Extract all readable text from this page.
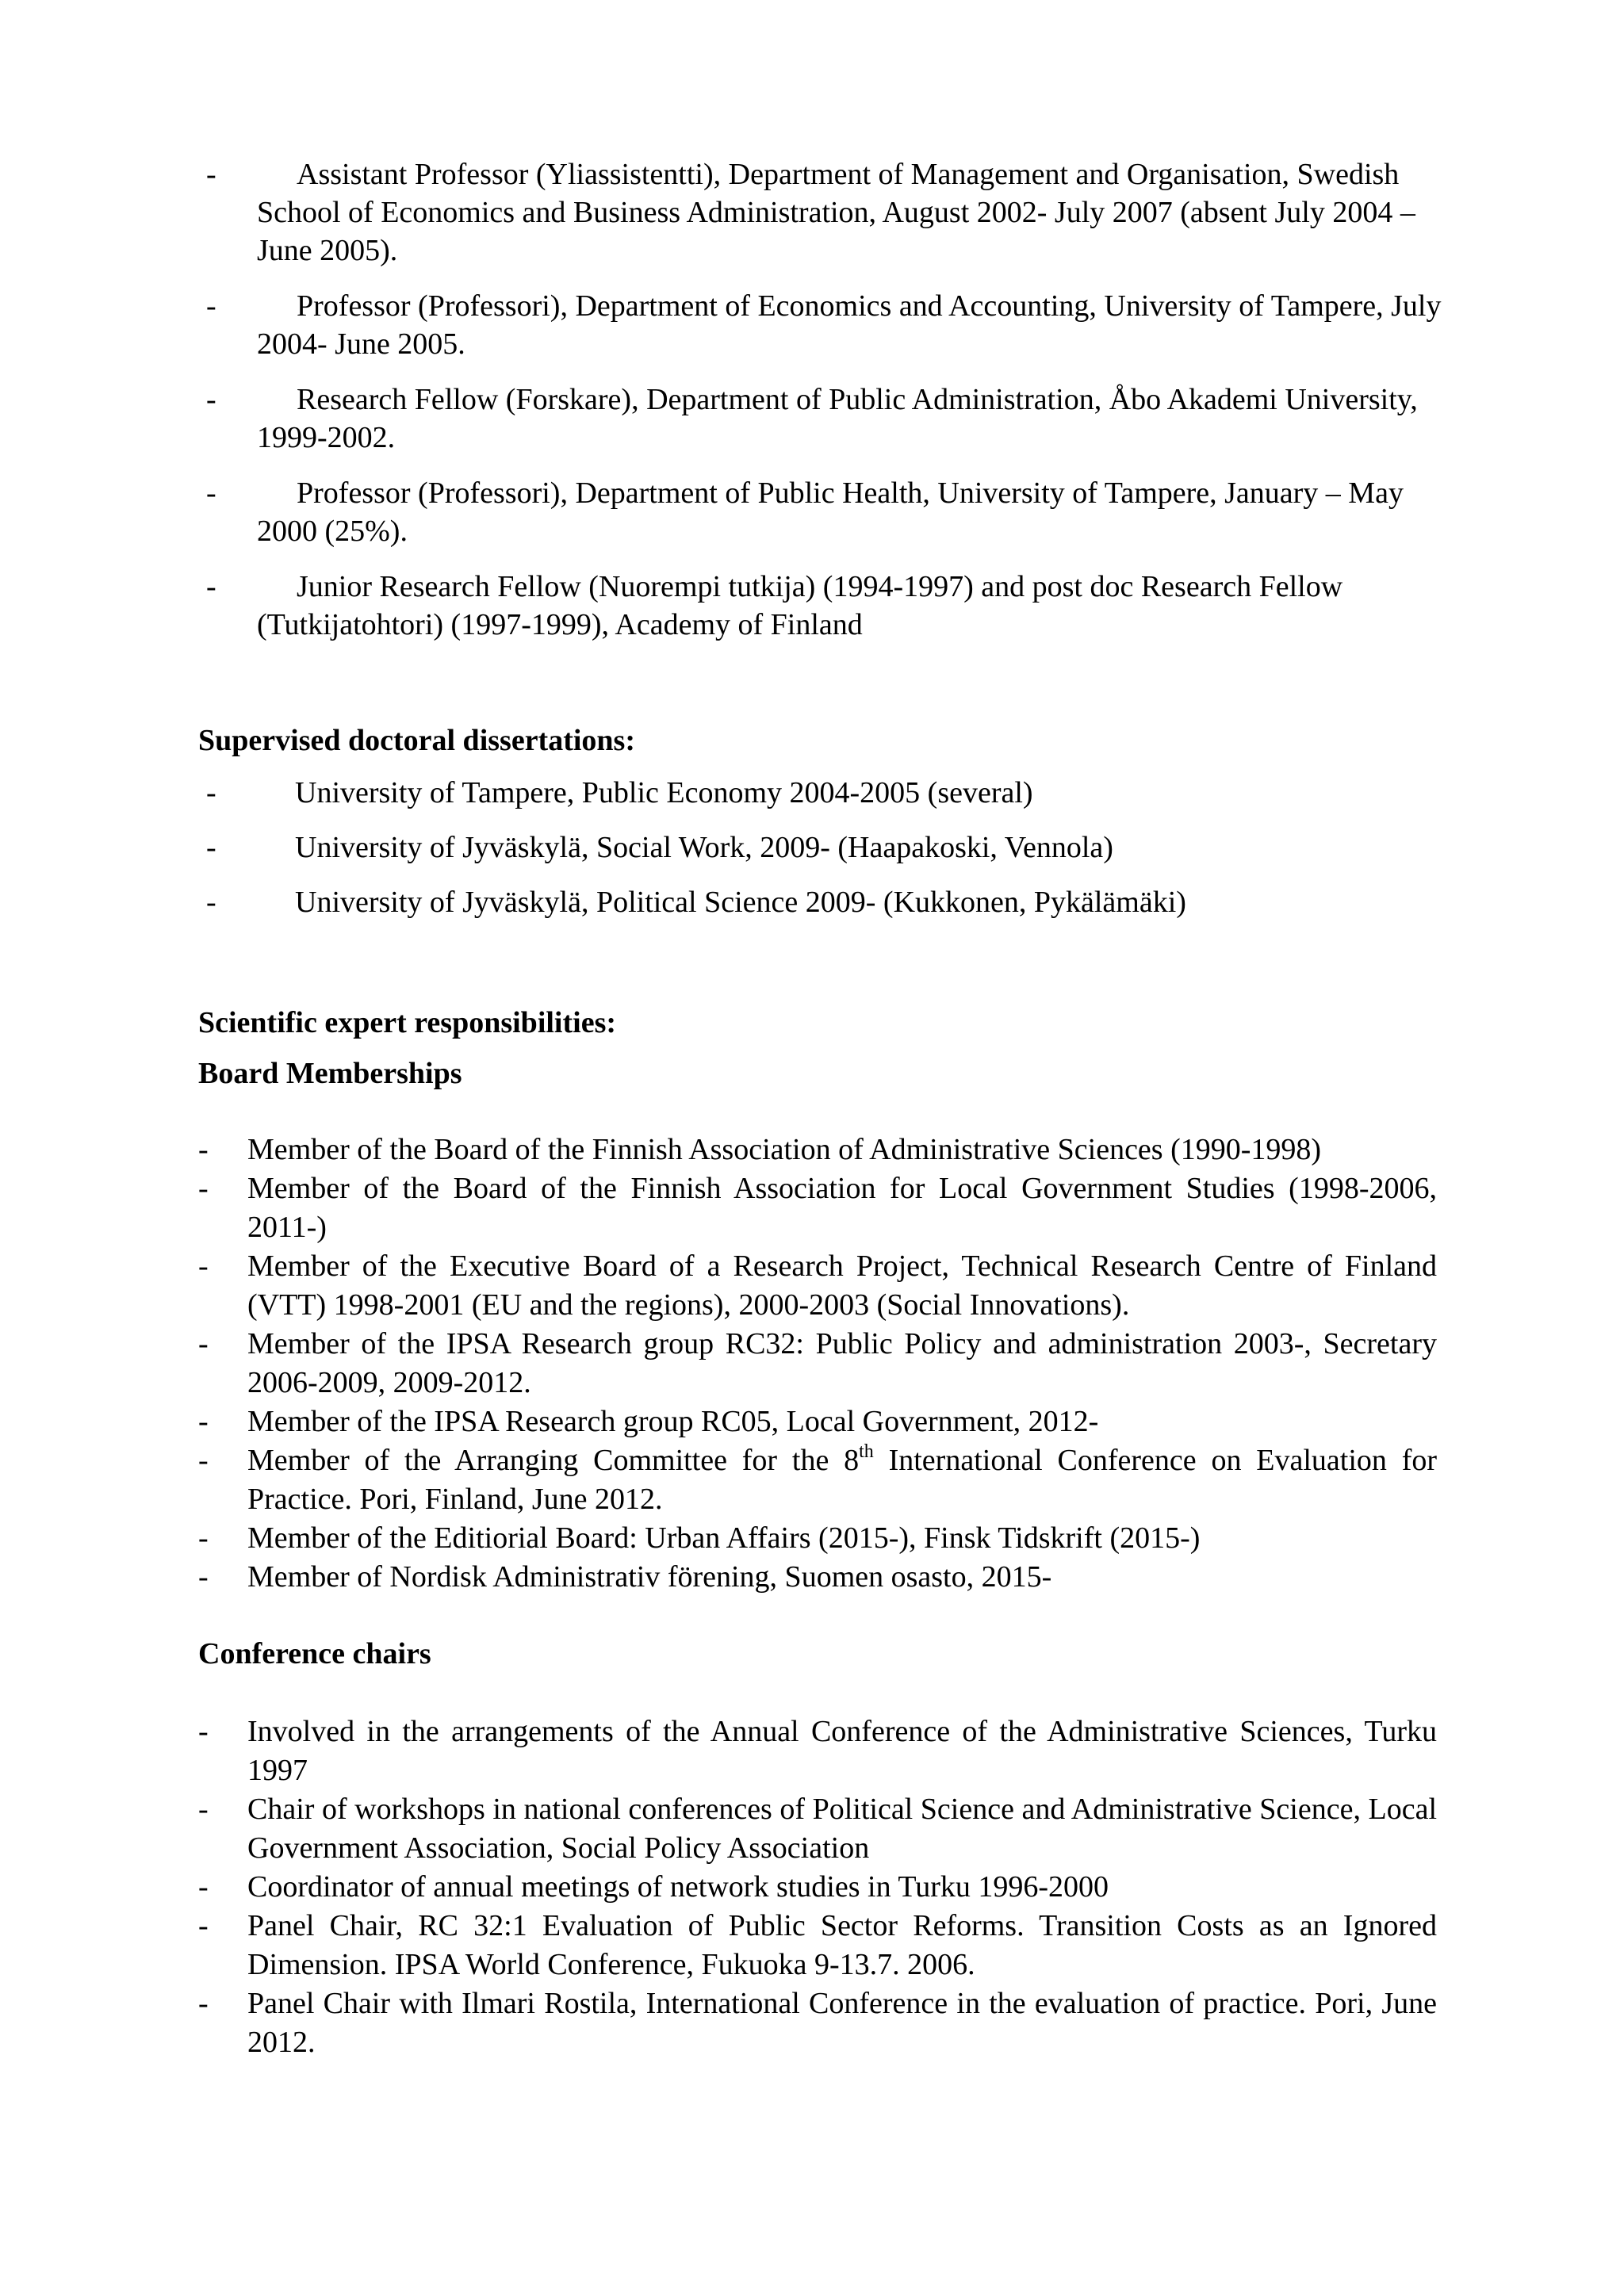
-	Assistant Professor (Yliassistentti), Department of Management and Organisation, Swedish School of Economics and Business Administration, August 2002- July 2007 (absent July 2004 – June 2005).
-	Professor (Professori), Department of Economics and Accounting, University of Tampere, July 2004- June 2005.
-	Research Fellow (Forskare), Department of Public Administration, Åbo Akademi University, 1999-2002.
-	Professor (Professori), Department of Public Health, University of Tampere, January – May 2000 (25%).
-	Junior Research Fellow (Nuorempi tutkija) (1994-1997) and post doc Research Fellow (Tutkijatohtori) (1997-1999), Academy of Finland
Supervised doctoral dissertations:
-	University of Tampere, Public Economy 2004-2005 (several)
-	University of Jyväskylä, Social Work, 2009- (Haapakoski, Vennola)
-	University of Jyväskylä, Political Science 2009- (Kukkonen, Pykälämäki)
Scientific expert responsibilities:
Board Memberships
- Member of the Board of the Finnish Association of Administrative Sciences (1990-1998)
- Member of the Board of the Finnish Association for Local Government Studies (1998-2006, 2011-)
- Member of the Executive Board of a Research Project, Technical Research Centre of Finland (VTT) 1998-2001 (EU and the regions), 2000-2003 (Social Innovations).
- Member of the IPSA Research group RC32: Public Policy and administration 2003-, Secretary 2006-2009, 2009-2012.
- Member of the IPSA Research group RC05, Local Government, 2012-
- Member of the Arranging Committee for the 8th International Conference on Evaluation for Practice. Pori, Finland, June 2012.
- Member of the Editiorial Board: Urban Affairs (2015-), Finsk Tidskrift (2015-)
- Member of Nordisk Administrativ förening, Suomen osasto, 2015-
Conference chairs
- Involved in the arrangements of the Annual Conference of the Administrative Sciences, Turku 1997
- Chair of workshops in national conferences of Political Science and Administrative Science, Local Government Association, Social Policy Association
- Coordinator of annual meetings of network studies in Turku 1996-2000
- Panel Chair, RC 32:1 Evaluation of Public Sector Reforms. Transition Costs as an Ignored Dimension. IPSA World Conference, Fukuoka 9-13.7. 2006.
- Panel Chair with Ilmari Rostila, International Conference in the evaluation of practice. Pori, June 2012.
